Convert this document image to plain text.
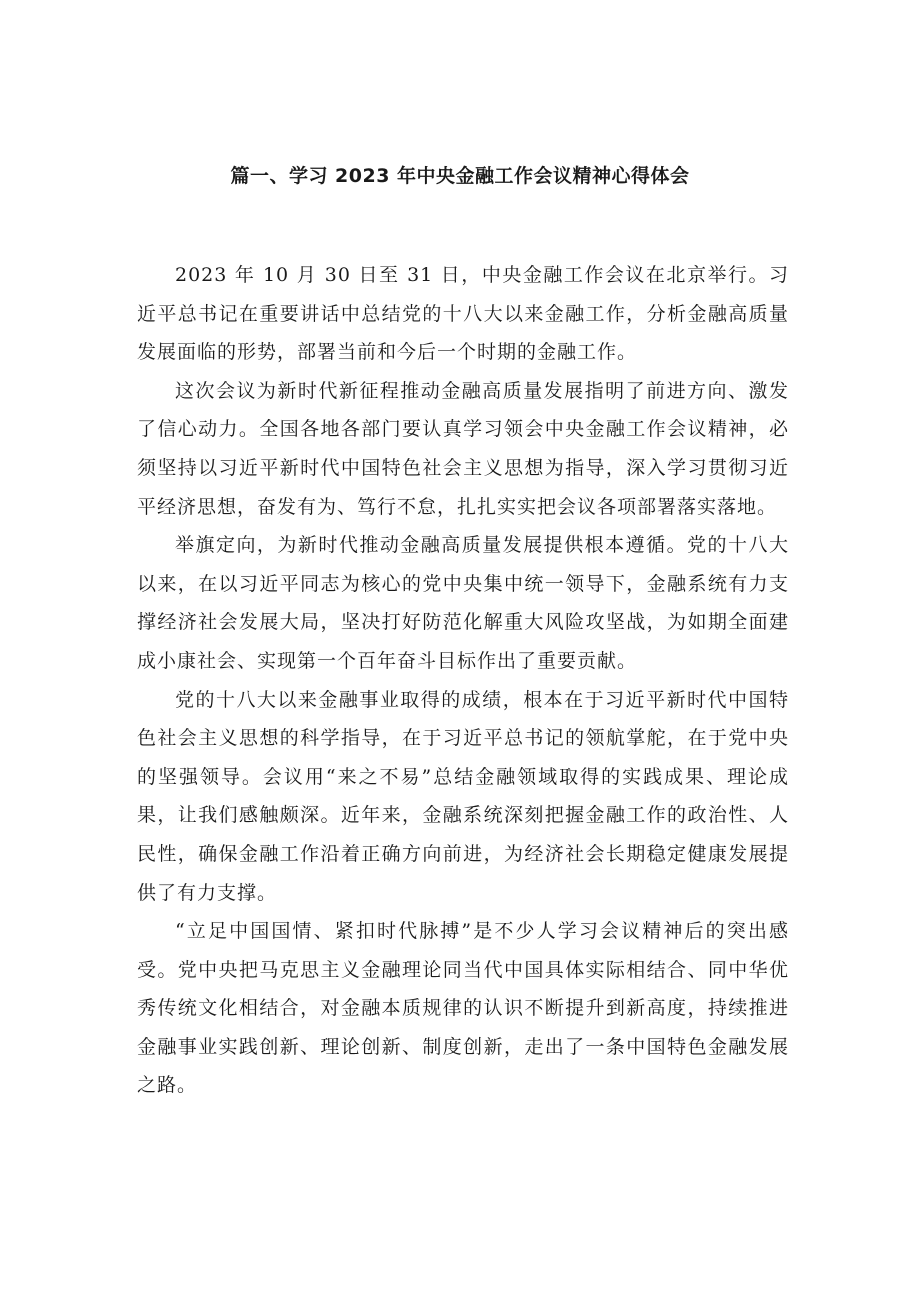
篇一、学习 2023 年中央金融工作会议精神心得体会

2023 年 10 月 30 日至 31 日，中央金融工作会议在北京举行。习近平总书记在重要讲话中总结党的十八大以来金融工作，分析金融高质量发展面临的形势，部署当前和今后一个时期的金融工作。

这次会议为新时代新征程推动金融高质量发展指明了前进方向、激发了信心动力。全国各地各部门要认真学习领会中央金融工作会议精神，必须坚持以习近平新时代中国特色社会主义思想为指导，深入学习贯彻习近平经济思想，奋发有为、笃行不怠，扎扎实实把会议各项部署落实落地。

举旗定向，为新时代推动金融高质量发展提供根本遵循。党的十八大以来，在以习近平同志为核心的党中央集中统一领导下，金融系统有力支撑经济社会发展大局，坚决打好防范化解重大风险攻坚战，为如期全面建成小康社会、实现第一个百年奋斗目标作出了重要贡献。

党的十八大以来金融事业取得的成绩，根本在于习近平新时代中国特色社会主义思想的科学指导，在于习近平总书记的领航掌舵，在于党中央的坚强领导。会议用“来之不易”总结金融领域取得的实践成果、理论成果，让我们感触颇深。近年来，金融系统深刻把握金融工作的政治性、人民性，确保金融工作沿着正确方向前进，为经济社会长期稳定健康发展提供了有力支撑。

“立足中国国情、紧扣时代脉搏”是不少人学习会议精神后的突出感受。党中央把马克思主义金融理论同当代中国具体实际相结合、同中华优秀传统文化相结合，对金融本质规律的认识不断提升到新高度，持续推进金融事业实践创新、理论创新、制度创新，走出了一条中国特色金融发展之路。
